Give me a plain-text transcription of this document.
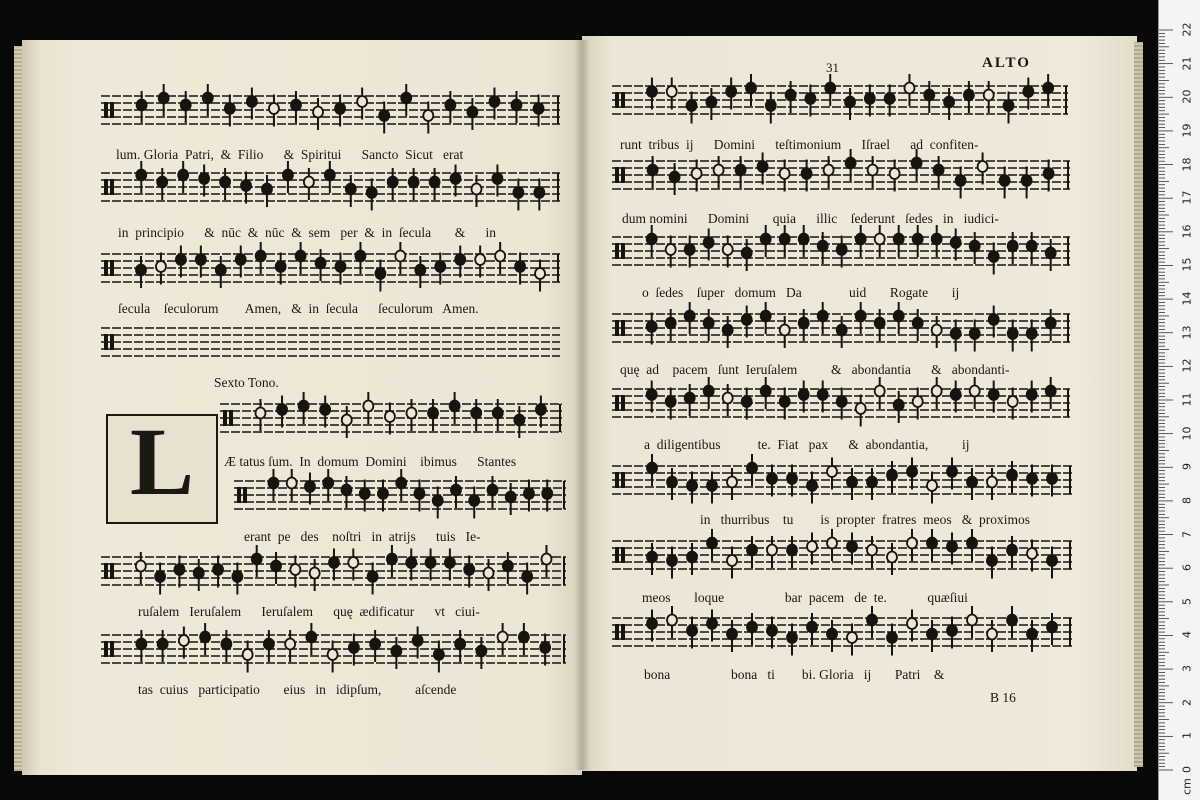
lum. Gloria  Patri,  &  Filio      &  Spiritui      Sancto  Sicut   erat
in  principio      &  nūc  &  nūc  &  sem   per  &  in  ſecula       &      in
ſecula    ſeculorum        Amen,   &  in  ſecula      ſeculorum   Amen.
Sexto Tono.
Æ tatus ſum.  In  domum  Domini    ibimus      Stantes
erant  pe   des    noſtri   in  atrijs      tuis   Ie-
ruſalem   Ieruſalem      Ieruſalem      quę  ædificatur      vt   ciui-
tas  cuius   participatio       eius   in   idipſum,          aſcende
L
31	ALTO
runt  tribus  ij      Domini      teſtimonium      Iſrael      ad  confiten-
dum nomini      Domini       quia      illic    ſederunt   ſedes   in   iudici-
o  ſedes    ſuper   domum   Da              uid       Rogate       ij
quę  ad    pacem   ſunt  Ieruſalem          &   abondantia      &   abondanti-
a  diligentibus           te.  Fiat   pax      &  abondantia,          ij
in   thurribus    tu        is  propter  fratres  meos   &  proximos
meos       loque                  bar  pacem   de  te.            quæſiui
bona                  bona   ti        bi. Gloria   ij       Patri    &
B 16
0
1
2
3
4
5
6
7
8
9
10
11
12
13
14
15
16
17
18
19
20
21
22
cm
